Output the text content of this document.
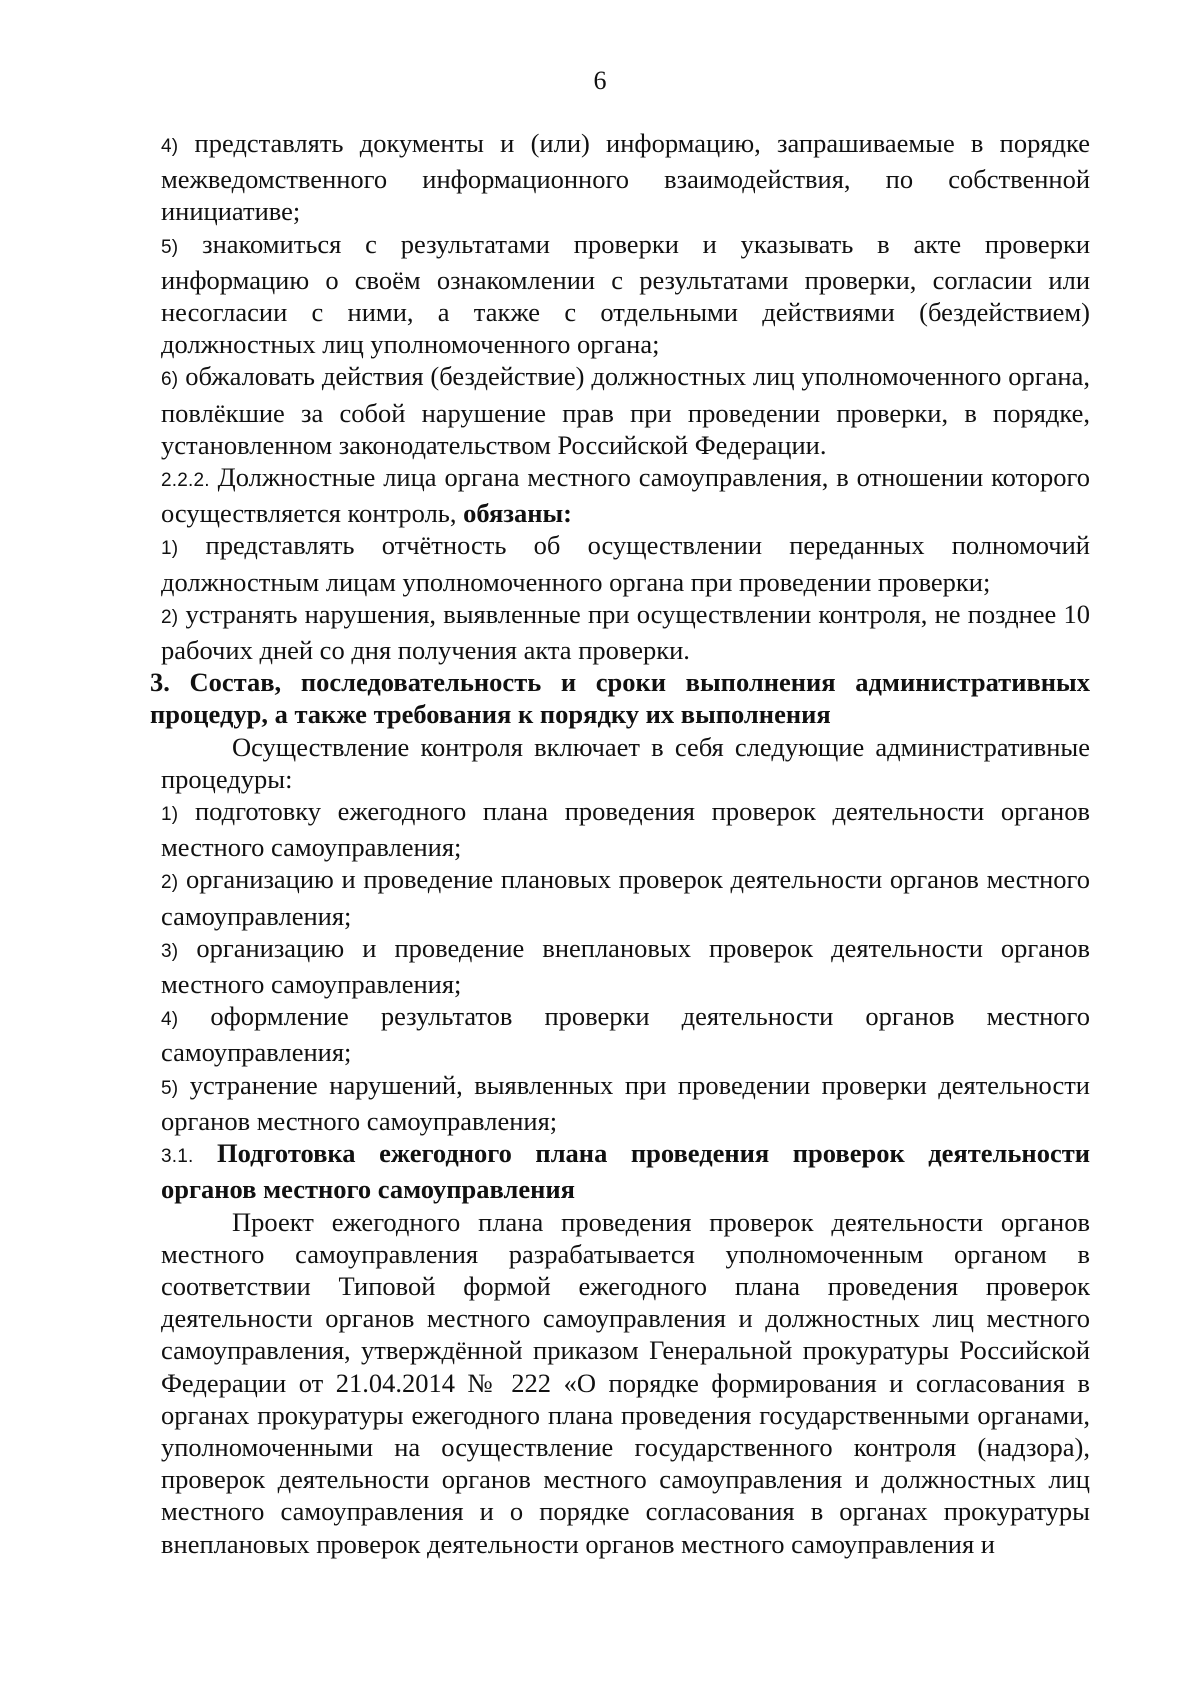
6

4) представлять документы и (или) информацию, запрашиваемые в порядке межведомственного информационного взаимодействия, по собственной инициативе;

5) знакомиться с результатами проверки и указывать в акте проверки информацию о своём ознакомлении с результатами проверки, согласии или несогласии с ними, а также с отдельными действиями (бездействием) должностных лиц уполномоченного органа;

6) обжаловать действия (бездействие) должностных лиц уполномоченного органа, повлёкшие за собой нарушение прав при проведении проверки, в порядке, установленном законодательством Российской Федерации.

2.2.2. Должностные лица органа местного самоуправления, в отношении которого осуществляется контроль, обязаны:

1) представлять отчётность об осуществлении переданных полномочий должностным лицам уполномоченного органа при проведении проверки;

2) устранять нарушения, выявленные при осуществлении контроля, не позднее 10 рабочих дней со дня получения акта проверки.

3. Состав, последовательность и сроки выполнения административных процедур, а также требования к порядку их выполнения

Осуществление контроля включает в себя следующие административные процедуры:

1) подготовку ежегодного плана проведения проверок деятельности органов местного самоуправления;

2) организацию и проведение плановых проверок деятельности органов местного самоуправления;

3) организацию и проведение внеплановых проверок деятельности органов местного самоуправления;

4) оформление результатов проверки деятельности органов местного самоуправления;

5) устранение нарушений, выявленных при проведении проверки деятельности органов местного самоуправления;

3.1. Подготовка ежегодного плана проведения проверок деятельности органов местного самоуправления

Проект ежегодного плана проведения проверок деятельности органов местного самоуправления разрабатывается уполномоченным органом в соответствии Типовой формой ежегодного плана проведения проверок деятельности органов местного самоуправления и должностных лиц местного самоуправления, утверждённой приказом Генеральной прокуратуры Российской Федерации от 21.04.2014 № 222 «О порядке формирования и согласования в органах прокуратуры ежегодного плана проведения государственными органами, уполномоченными на осуществление государственного контроля (надзора), проверок деятельности органов местного самоуправления и должностных лиц местного самоуправления и о порядке согласования в органах прокуратуры внеплановых проверок деятельности органов местного самоуправления и
